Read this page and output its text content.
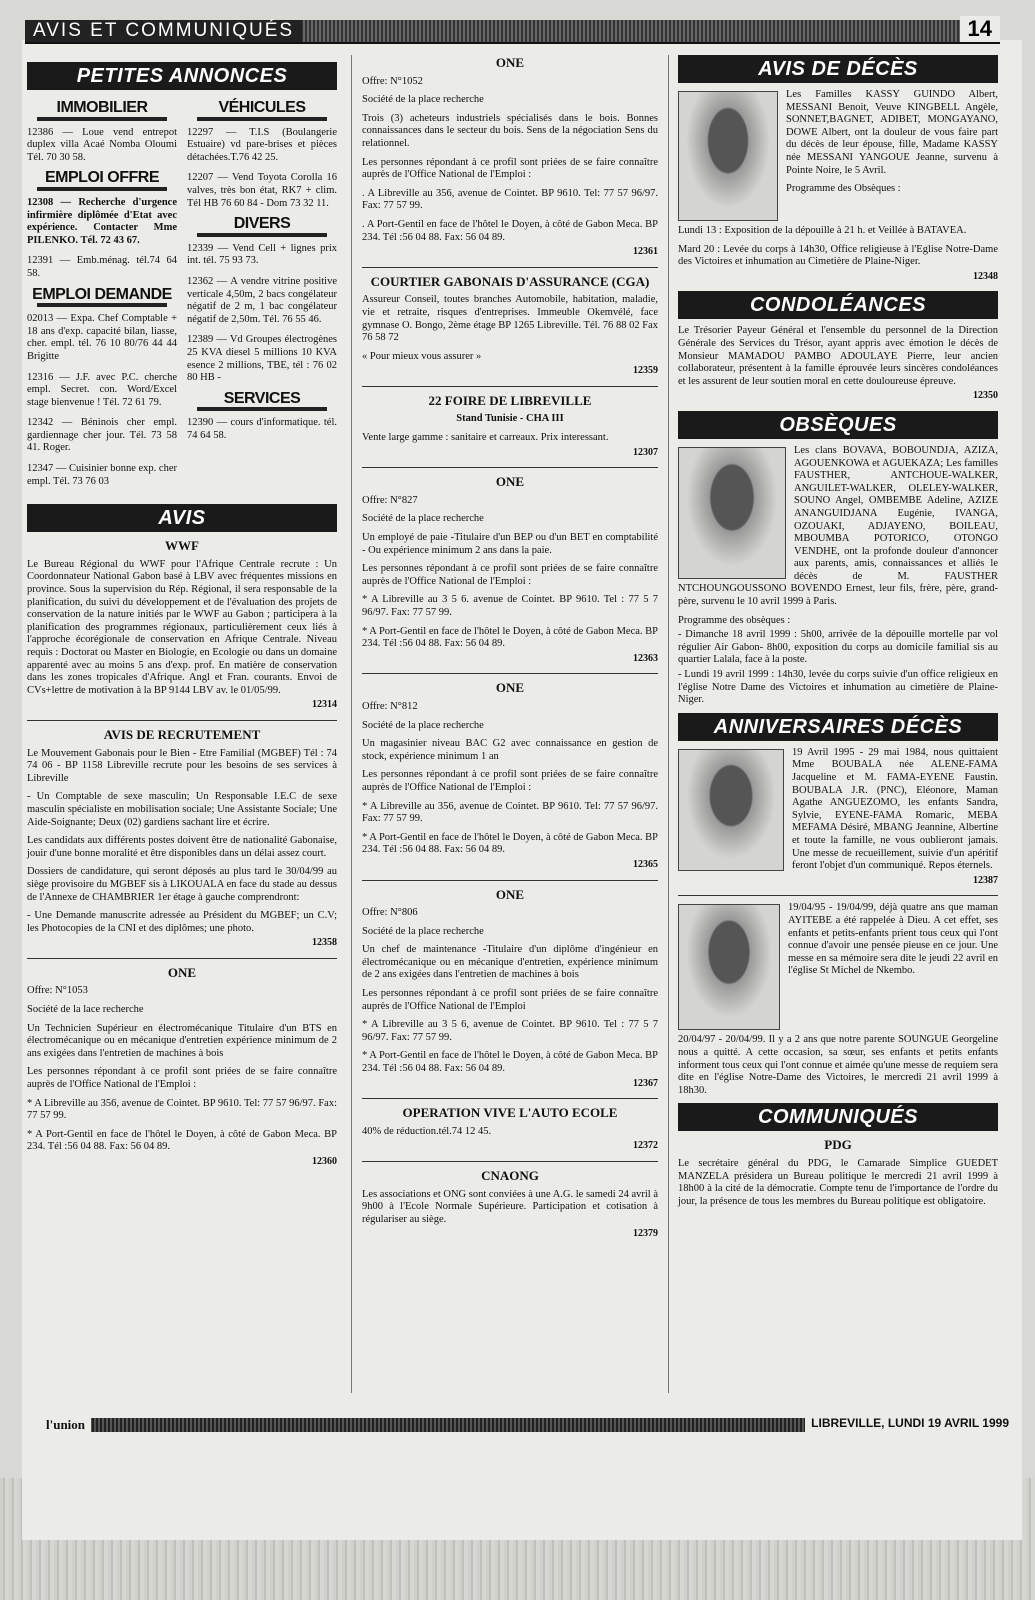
AVIS ET COMMUNIQUÉS	14
PETITES ANNONCES
IMMOBILIER
12386 — Loue vend entrepot duplex villa Acaé Nomba Oloumi Tél. 70 30 58.
EMPLOI OFFRE
12308 — Recherche d'urgence infirmière diplômée d'Etat avec expérience. Contacter Mme PILENKO. Tél. 72 43 67.
12391 — Emb.ménag. tél.74 64 58.
EMPLOI DEMANDE
02013 — Expa. Chef Comptable + 18 ans d'exp. capacité bilan, liasse, cher. empl. tél. 76 10 80/76 44 44 Brigitte
12316 — J.F. avec P.C. cherche empl. Secret. con. Word/Excel stage bienvenue ! Tél. 72 61 79.
12342 — Béninois cher empl. gardiennage cher jour. Tél. 73 58 41. Roger.
12347 — Cuisinier bonne exp. cher empl. Tél. 73 76 03
VÉHICULES
12297 — T.I.S (Boulangerie Estuaire) vd pare-brises et pièces détachées.T.76 42 25.
12207 — Vend Toyota Corolla 16 valves, très bon état, RK7 + clim. Tél HB 76 60 84 - Dom 73 32 11.
DIVERS
12339 — Vend Cell + lignes prix int. tél. 75 93 73.
12362 — A vendre vitrine positive verticale 4,50m, 2 bacs congélateur négatif de 2 m, 1 bac congélateur négatif de 2,50m. Tél. 76 55 46.
12389 — Vd Groupes électrogènes 25 KVA diesel 5 millions 10 KVA esence 2 millions, TBE, tél : 76 02 80 HB -
SERVICES
12390 — cours d'informatique. tél. 74 64 58.
AVIS
WWF
Le Bureau Régional du WWF pour l'Afrique Centrale recrute : Un Coordonnateur National Gabon basé à LBV avec fréquentes missions en province. Sous la supervision du Rép. Régional, il sera responsable de la planification, du suivi du développement et de l'évaluation des projets de conservation de la nature initiés par le WWF au Gabon ; participera à la planification des programmes régionaux, particulièrement ceux liés à l'approche écorégionale de conservation en Afrique Centrale. Niveau requis : Doctorat ou Master en Biologie, en Ecologie ou dans un domaine apparenté avec au moins 5 ans d'exp. prof. En matière de conservation dans les zones tropicales d'Afrique. Angl et Fran. courants. Envoi de CVs+lettre de motivation à la BP 9144 LBV av. le 01/05/99.
12314
AVIS DE RECRUTEMENT
Le Mouvement Gabonais pour le Bien - Etre Familial (MGBEF) Tél : 74 74 06 - BP 1158 Libreville recrute pour les besoins de ses services à Libreville
- Un Comptable de sexe masculin; Un Responsable I.E.C de sexe masculin spécialiste en mobilisation sociale; Une Assistante Sociale; Une Aide-Soignante; Deux (02) gardiens sachant lire et écrire.
Les candidats aux différents postes doivent être de nationalité Gabonaise, jouir d'une bonne moralité et être disponibles dans un délai assez court.
Dossiers de candidature, qui seront déposés au plus tard le 30/04/99 au siège provisoire du MGBEF sis à LIKOUALA en face du stade au dessus de l'Annexe de CHAMBRIER 1er étage à gauche comprendront:
- Une Demande manuscrite adressée au Président du MGBEF; un C.V; les Photocopies de la CNI et des diplômes; une photo.
12358
ONE
Offre: N°1053
Société de la lace recherche
Un Technicien Supérieur en électromécanique Titulaire d'un BTS en électromécanique ou en mécanique d'entretien expérience minimum de 2 ans exigées dans l'entretien de machines à bois
Les personnes répondant à ce profil sont priées de se faire connaître auprès de l'Office National de l'Emploi :
* A Libreville au 356, avenue de Cointet. BP 9610. Tel: 77 57 96/97. Fax: 77 57 99.
* A Port-Gentil en face de l'hôtel le Doyen, à côté de Gabon Meca. BP 234. Tél :56 04 88. Fax: 56 04 89.
12360
ONE
Offre: N°1052
Société de la place recherche
Trois (3) acheteurs industriels spécialisés dans le bois. Bonnes connaissances dans le secteur du bois. Sens de la négociation Sens du relationnel.
Les personnes répondant à ce profil sont priées de se faire connaître auprès de l'Office National de l'Emploi :
. A Libreville au 356, avenue de Cointet. BP 9610. Tel: 77 57 96/97. Fax: 77 57 99.
. A Port-Gentil en face de l'hôtel le Doyen, à côté de Gabon Meca. BP 234. Tél :56 04 88. Fax: 56 04 89.
12361
COURTIER GABONAIS D'ASSURANCE (CGA)
Assureur Conseil, toutes branches Automobile, habitation, maladie, vie et retraite, risques d'entreprises. Immeuble Okemvélé, face gymnase O. Bongo, 2ème étage BP 1265 Libreville. Tél. 76 88 02 Fax 76 58 72
« Pour mieux vous assurer »
12359
22 FOIRE DE LIBREVILLE
Stand Tunisie - CHA III
Vente large gamme : sanitaire et carreaux. Prix interessant.
12307
ONE
Offre: N°827
Société de la place recherche
Un employé de paie -Titulaire d'un BEP ou d'un BET en comptabilité - Ou expérience minimum 2 ans dans la paie.
Les personnes répondant à ce profil sont priées de se faire connaître auprès de l'Office National de l'Emploi :
* A Libreville au 3 5 6. avenue de Cointet. BP 9610. Tel : 77 5 7 96/97. Fax: 77 57 99.
* A Port-Gentil en face de l'hôtel le Doyen, à côté de Gabon Meca. BP 234. Tél :56 04 88. Fax: 56 04 89.
12363
ONE
Offre: N°812
Société de la place recherche
Un magasinier niveau BAC G2 avec connaissance en gestion de stock, expérience minimum 1 an
Les personnes répondant à ce profil sont priées de se faire connaître auprès de l'Office National de l'Emploi :
* A Libreville au 356, avenue de Cointet. BP 9610. Tel: 77 57 96/97. Fax: 77 57 99.
* A Port-Gentil en face de l'hôtel le Doyen, à côté de Gabon Meca. BP 234. Tél :56 04 88. Fax: 56 04 89.
12365
ONE
Offre: N°806
Société de la place recherche
Un chef de maintenance -Titulaire d'un diplôme d'ingénieur en électromécanique ou en mécanique d'entretien, expérience minimum de 2 ans exigées dans l'entretien de machines à bois
Les personnes répondant à ce profil sont priées de se faire connaître auprès de l'Office National de l'Emploi
* A Libreville au 3 5 6, avenue de Cointet. BP 9610. Tel : 77 5 7 96/97. Fax: 77 57 99.
* A Port-Gentil en face de l'hôtel le Doyen, à côté de Gabon Meca. BP 234. Tél :56 04 88. Fax: 56 04 89.
12367
OPERATION VIVE L'AUTO ECOLE
40% de réduction.tél.74 12 45.
12372
CNAONG
Les associations et ONG sont conviées à une A.G. le samedi 24 avril à 9h00 à l'Ecole Normale Supérieure. Participation et cotisation à régulariser au siège.
12379
AVIS DE DÉCÈS
Les Familles KASSY GUINDO Albert, MESSANI Benoit, Veuve KINGBELL Angèle, SONNET,BAGNET, ADIBET, MONGAYANO, DOWE Albert, ont la douleur de vous faire part du décès de leur épouse, fille, Madame KASSY née MESSANI YANGOUE Jeanne, survenu à Pointe Noire, le 5 Avril.
Programme des Obsèques :
Lundi 13 : Exposition de la dépouille à 21 h. et Veillée à BATAVEA.
Mard 20 : Levée du corps à 14h30, Office religieuse à l'Eglise Notre-Dame des Victoires et inhumation au Cimetière de Plaine-Niger.
12348
CONDOLÉANCES
Le Trésorier Payeur Général et l'ensemble du personnel de la Direction Générale des Services du Trésor, ayant appris avec émotion le décès de Monsieur MAMADOU PAMBO ADOULAYE Pierre, leur ancien collaborateur, présentent à la famille éprouvée leurs sincères condoléances et les assurent de leur soutien moral en cette douloureuse épreuve.
12350
OBSÈQUES
Les clans BOVAVA, BOBOUNDJA, AZIZA, AGOUENKOWA et AGUEKAZA; Les familles FAUSTHER, ANTCHOUE-WALKER, ANGUILET-WALKER, OLELEY-WALKER, SOUNO Angel, OMBEMBE Adeline, AZIZE ANANGUIDJANA Eugénie, IVANGA, OZOUAKI, ADJAYENO, BOILEAU, MBOUMBA POTORICO, OTONGO VENDHE, ont la profonde douleur d'annoncer aux parents, amis, connaissances et alliés le décès de M. FAUSTHER NTCHOUNGOUSSONO BOVENDO Ernest, leur fils, frère, père, grand-père, survenu le 10 avril 1999 à Paris.
Programme des obsèques :
- Dimanche 18 avril 1999 : 5h00, arrivée de la dépouille mortelle par vol régulier Air Gabon- 8h00, exposition du corps au domicile familial sis au quartier Lalala, face à la poste.
- Lundi 19 avril 1999 : 14h30, levée du corps suivie d'un office religieux en l'église Notre Dame des Victoires et inhumation au cimetière de Plaine-Niger.
ANNIVERSAIRES DÉCÈS
19 Avril 1995 - 29 mai 1984, nous quittaient Mme BOUBALA née ALENE-FAMA Jacqueline et M. FAMA-EYENE Faustin. BOUBALA J.R. (PNC), Eléonore, Maman Agathe ANGUEZOMO, les enfants Sandra, Sylvie, EYENE-FAMA Romaric, MEBA MEFAMA Désiré, MBANG Jeannine, Albertine et toute la famille, ne vous oublieront jamais. Une messe de recueillement, suivie d'un apéritif feront l'objet d'un communiqué. Repos éternels.
12387
19/04/95 - 19/04/99, déjà quatre ans que maman AYITEBE a été rappelée à Dieu. A cet effet, ses enfants et petits-enfants prient tous ceux qui l'ont connue d'avoir une pensée pieuse en ce jour. Une messe en sa mémoire sera dite le jeudi 22 avril en l'église St Michel de Nkembo.
20/04/97 - 20/04/99. Il y a 2 ans que notre parente SOUNGUE Georgeline nous a quitté. A cette occasion, sa sœur, ses enfants et petits enfants informent tous ceux qui l'ont connue et aimée qu'une messe de requiem sera dite en l'église Notre-Dame des Victoires, le mercredi 21 avril 1999 à 18h30.
COMMUNIQUÉS
PDG
Le secrétaire général du PDG, le Camarade Simplice GUEDET MANZELA présidera un Bureau politique le mercredi 21 avril 1999 à 18h00 à la cité de la démocratie. Compte tenu de l'importance de l'ordre du jour, la présence de tous les membres du Bureau politique est obligatoire.
l'union	LIBREVILLE, LUNDI 19 AVRIL 1999
